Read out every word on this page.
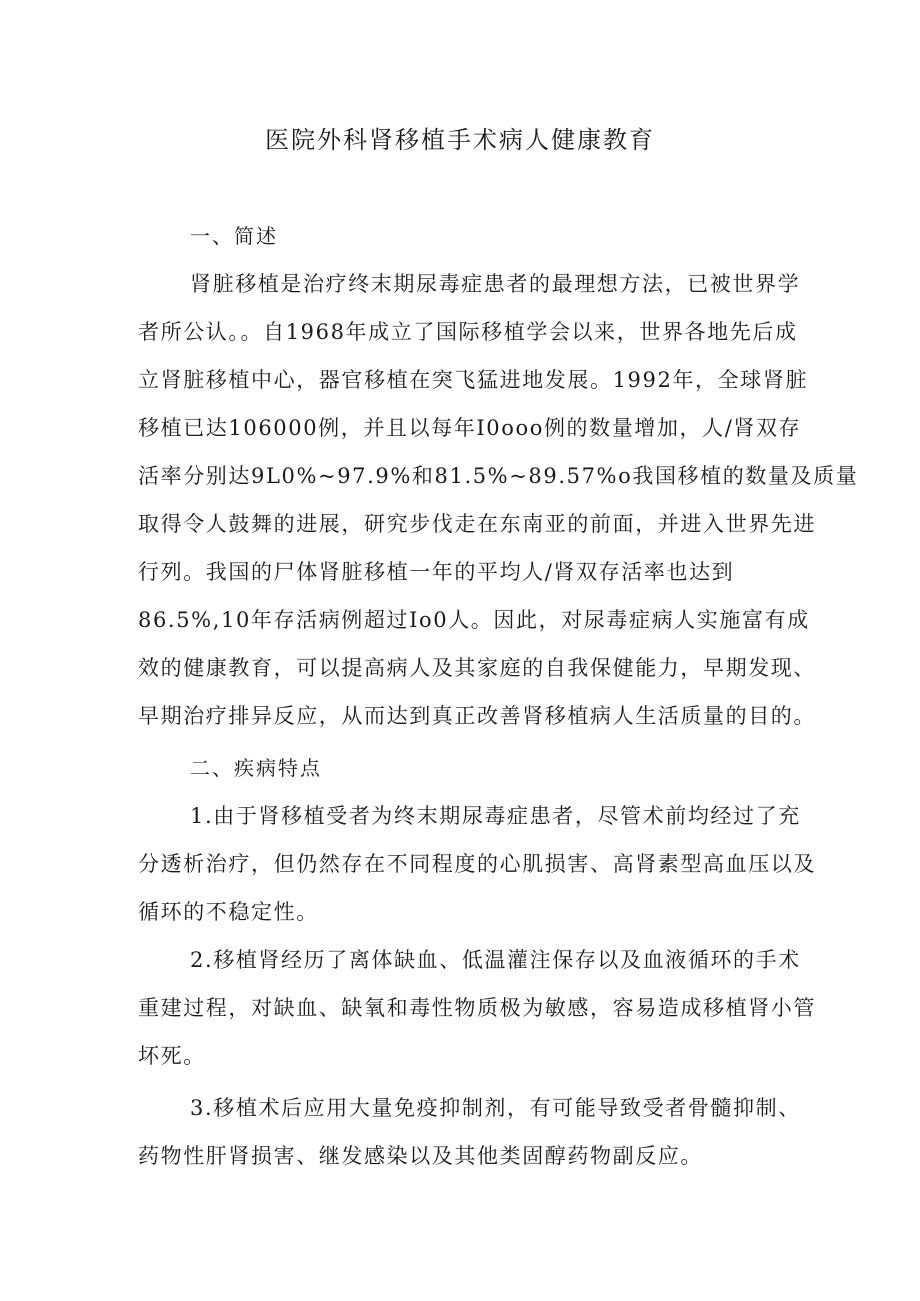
医院外科肾移植手术病人健康教育
一、简述
肾脏移植是治疗终末期尿毒症患者的最理想方法，已被世界学
者所公认。。自1968年成立了国际移植学会以来，世界各地先后成
立肾脏移植中心，器官移植在突飞猛进地发展。1992年，全球肾脏
移植已达106000例，并且以每年I0ooo例的数量增加，人/肾双存
活率分别达9L0%~97.9%和81.5%~89.57%o我国移植的数量及质量
取得令人鼓舞的进展，研究步伐走在东南亚的前面，并进入世界先进
行列。我国的尸体肾脏移植一年的平均人/肾双存活率也达到
86.5%,10年存活病例超过Io0人。因此，对尿毒症病人实施富有成
效的健康教育，可以提高病人及其家庭的自我保健能力，早期发现、
早期治疗排异反应，从而达到真正改善肾移植病人生活质量的目的。
二、疾病特点
1.由于肾移植受者为终末期尿毒症患者，尽管术前均经过了充
分透析治疗，但仍然存在不同程度的心肌损害、高肾素型高血压以及
循环的不稳定性。
2.移植肾经历了离体缺血、低温灌注保存以及血液循环的手术
重建过程，对缺血、缺氧和毒性物质极为敏感，容易造成移植肾小管
坏死。
3.移植术后应用大量免疫抑制剂，有可能导致受者骨髓抑制、
药物性肝肾损害、继发感染以及其他类固醇药物副反应。
